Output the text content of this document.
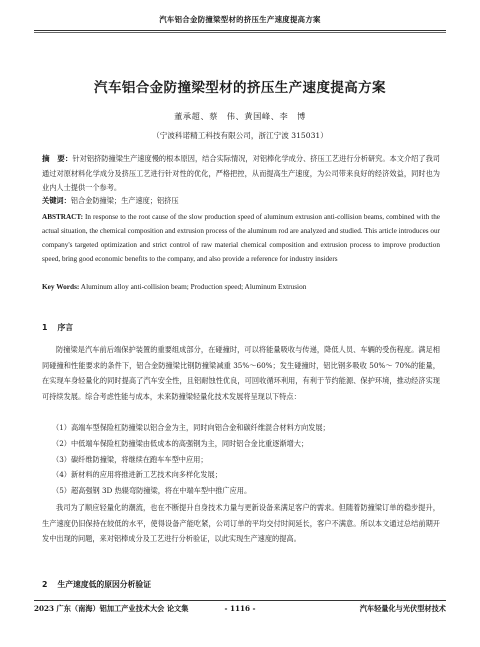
汽车铝合金防撞梁型材的挤压生产速度提高方案
汽车铝合金防撞梁型材的挤压生产速度提高方案
董承超、蔡　伟、黄国峰、李　博
（宁波科诺精工科技有限公司，浙江宁波 315031）
摘　要：针对铝挤防撞梁生产速度慢的根本原因，结合实际情况，对铝棒化学成分、挤压工艺进行分析研究。本文介绍了我司通过对原材料化学成分及挤压工艺进行针对性的优化，严格把控，从而提高生产速度，为公司带来良好的经济效益，同时也为业内人士提供一个参考。
关键词：铝合金防撞梁；生产速度；铝挤压
ABSTRACT: In response to the root cause of the slow production speed of aluminum extrusion anti-collision beams, combined with the actual situation, the chemical composition and extrusion process of the aluminum rod are analyzed and studied. This article introduces our company's targeted optimization and strict control of raw material chemical composition and extrusion process to improve production speed, bring good economic benefits to the company, and also provide a reference for industry insiders
Key Words: Aluminum alloy anti-collision beam; Production speed; Aluminum Extrusion
1 序言
防撞梁是汽车前后端保护装置的重要组成部分，在碰撞时，可以将能量吸收与传递，降低人员、车辆的受伤程度。满足相同碰撞和性能要求的条件下，铝合金防撞梁比钢防撞梁减重 35%～60%；发生碰撞时，铝比钢多吸收 50%～ 70%的能量，在实现车身轻量化的同时提高了汽车安全性，且铝耐蚀性优良，可回收循环利用，有利于节约能源、保护环境，推动经济实现可持续发展。综合考虑性能与成本，未来防撞梁轻量化技术发展将呈现以下特点：
（1）高端车型保险杠防撞梁以铝合金为主，同时向铝合金和碳纤维混合材料方向发展；
（2）中低端车保险杠防撞梁由低成本的高强钢为主，同时铝合金比重逐渐增大；
（3）碳纤维防撞梁，将继续在跑车车型中应用；
（4）新材料的应用将推进新工艺技术向多样化发展；
（5）超高强钢 3D 热辊弯防撞梁，将在中端车型中推广应用。
我司为了顺应轻量化的潮流，也在不断提升自身技术力量与更新设备来满足客户的需求。但随着防撞梁订单的稳步提升，生产速度仍旧保持在较低的水平，使得设备产能吃紧，公司订单的平均交付时间延长，客户不满意。所以本文通过总结前期开发中出现的问题，来对铝棒成分及工艺进行分析验证，以此实现生产速度的提高。
2 生产速度低的原因分析验证
2023 广东（南海）铝加工产业技术大会 论文集	- 1116 -	汽车轻量化与光伏型材技术
